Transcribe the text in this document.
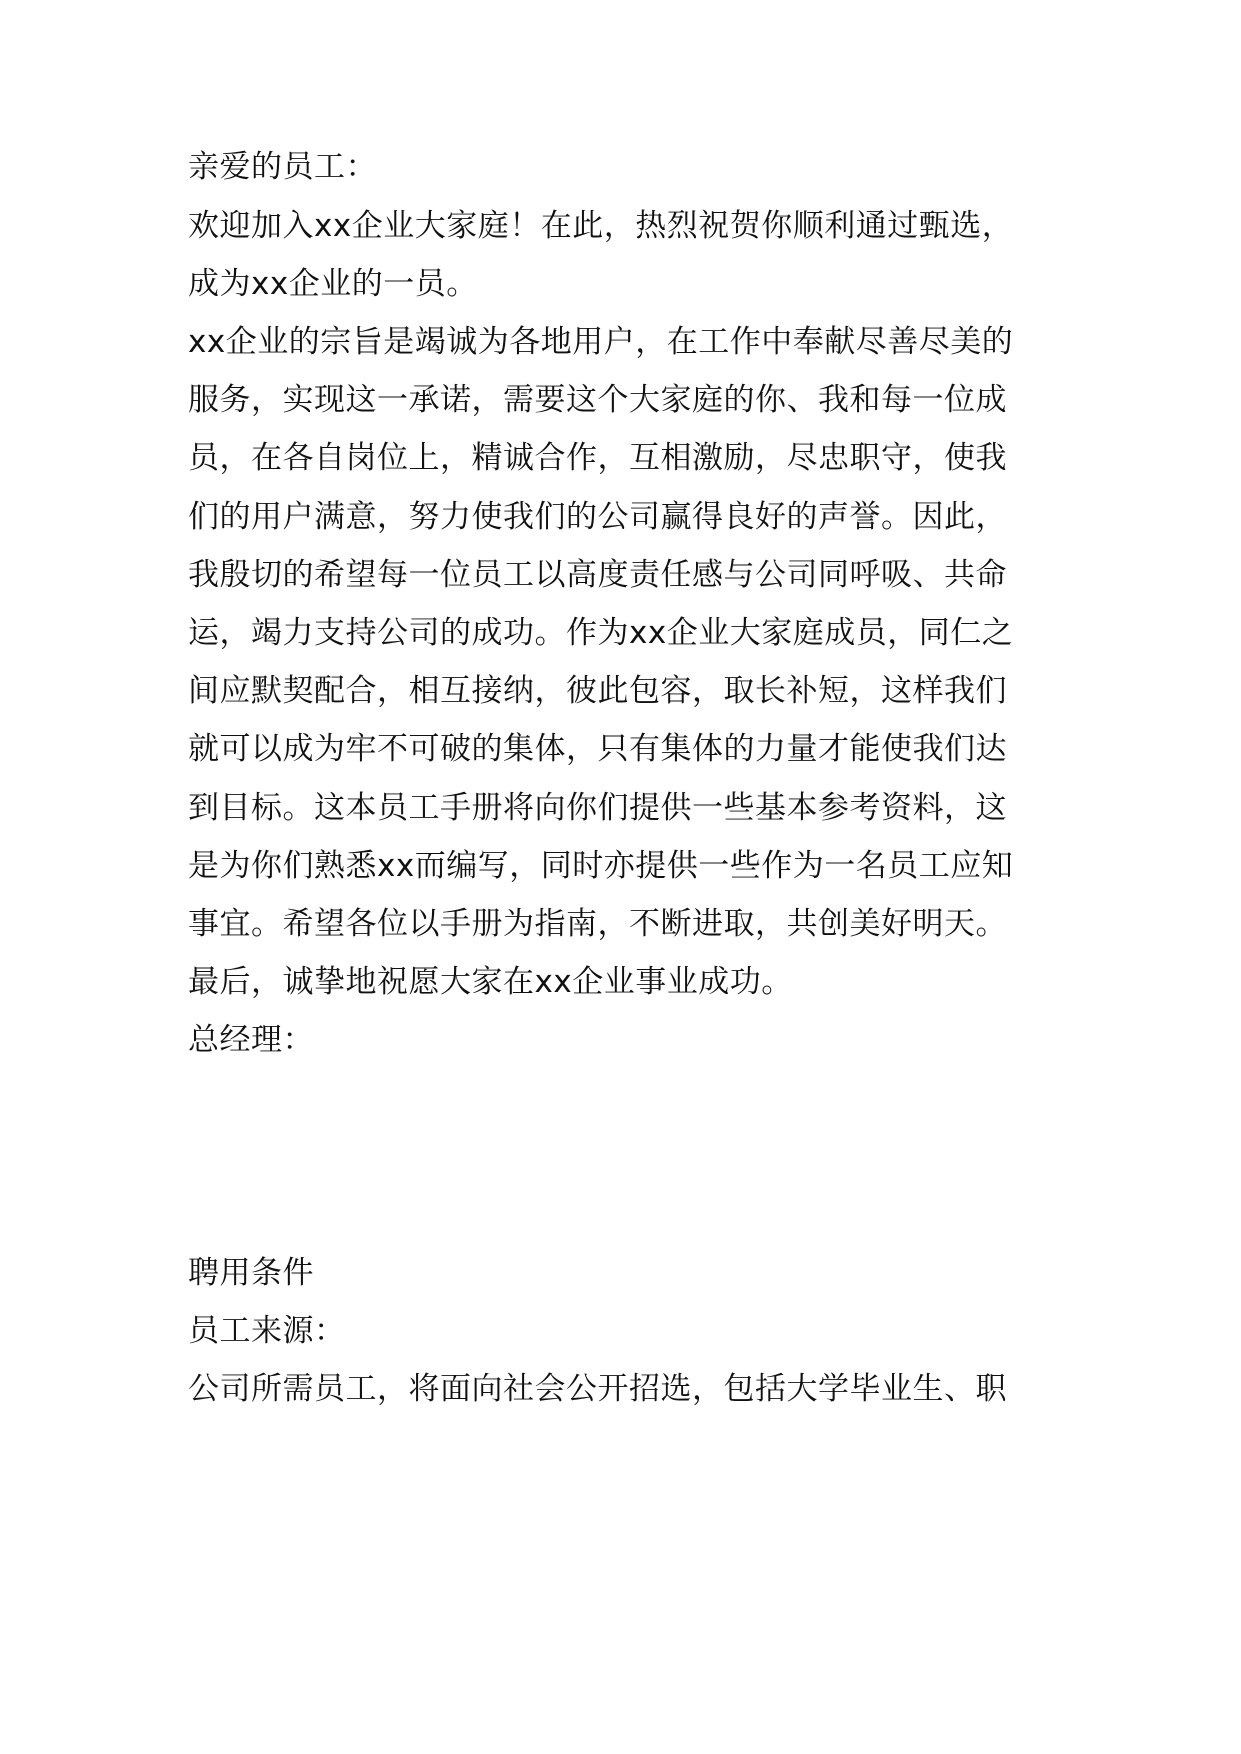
亲爱的员工：
欢迎加入xx企业大家庭！在此，热烈祝贺你顺利通过甄选，
成为xx企业的一员。
xx企业的宗旨是竭诚为各地用户，在工作中奉献尽善尽美的
服务，实现这一承诺，需要这个大家庭的你、我和每一位成
员，在各自岗位上，精诚合作，互相激励，尽忠职守，使我
们的用户满意，努力使我们的公司赢得良好的声誉。因此，
我殷切的希望每一位员工以高度责任感与公司同呼吸、共命
运，竭力支持公司的成功。作为xx企业大家庭成员，同仁之
间应默契配合，相互接纳，彼此包容，取长补短，这样我们
就可以成为牢不可破的集体，只有集体的力量才能使我们达
到目标。这本员工手册将向你们提供一些基本参考资料，这
是为你们熟悉xx而编写，同时亦提供一些作为一名员工应知
事宜。希望各位以手册为指南，不断进取，共创美好明天。
最后，诚挚地祝愿大家在xx企业事业成功。
总经理：
聘用条件
员工来源：
公司所需员工，将面向社会公开招选，包括大学毕业生、职
